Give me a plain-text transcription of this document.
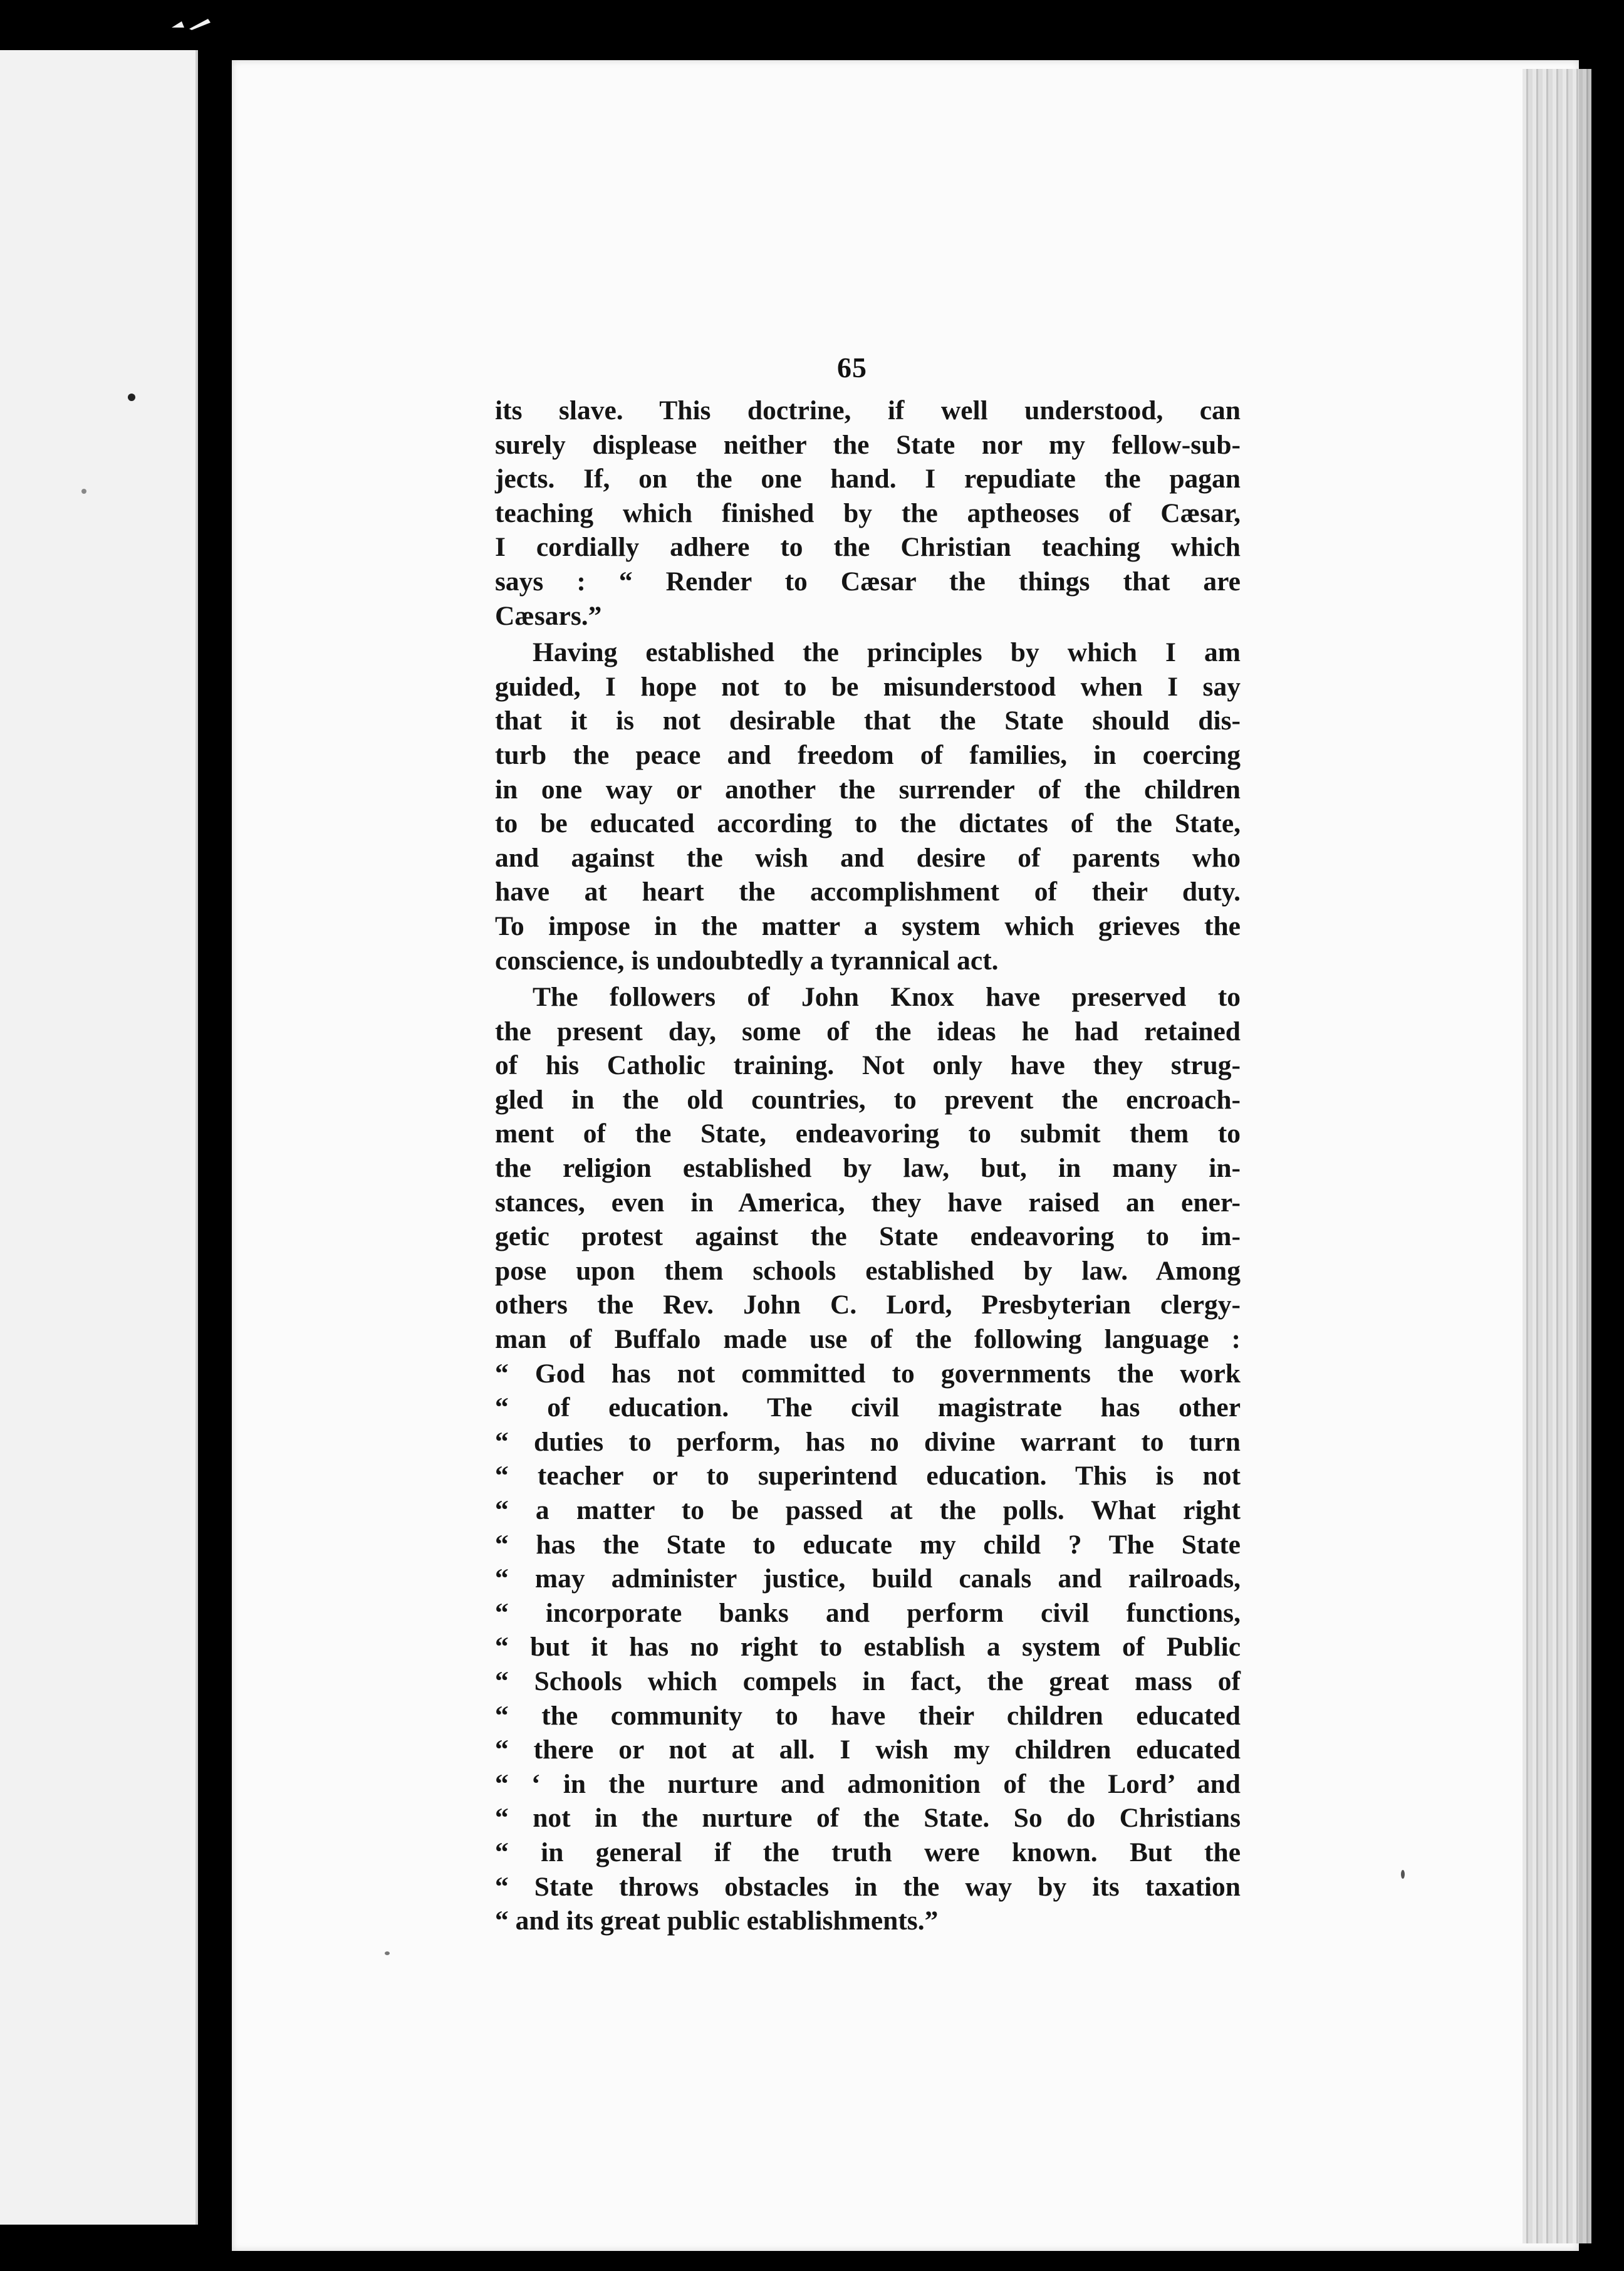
65
its slave. This doctrine, if well understood, can
surely displease neither the State nor my fellow-sub-
jects. If, on the one hand. I repudiate the pagan
teaching which finished by the aptheoses of Cæsar,
I cordially adhere to the Christian teaching which
says : “ Render to Cæsar the things that are
Cæsars.”
Having established the principles by which I am
guided, I hope not to be misunderstood when I say
that it is not desirable that the State should dis-
turb the peace and freedom of families, in coercing
in one way or another the surrender of the children
to be educated according to the dictates of the State,
and against the wish and desire of parents who
have at heart the accomplishment of their duty.
To impose in the matter a system which grieves the
conscience, is undoubtedly a tyrannical act.
The followers of John Knox have preserved to
the present day, some of the ideas he had retained
of his Catholic training. Not only have they strug-
gled in the old countries, to prevent the encroach-
ment of the State, endeavoring to submit them to
the religion established by law, but, in many in-
stances, even in America, they have raised an ener-
getic protest against the State endeavoring to im-
pose upon them schools established by law. Among
others the Rev. John C. Lord, Presbyterian clergy-
man of Buffalo made use of the following language :
“ God has not committed to governments the work
“ of education. The civil magistrate has other
“ duties to perform, has no divine warrant to turn
“ teacher or to superintend education. This is not
“ a matter to be passed at the polls. What right
“ has the State to educate my child ? The State
“ may administer justice, build canals and railroads,
“ incorporate banks and perform civil functions,
“ but it has no right to establish a system of Public
“ Schools which compels in fact, the great mass of
“ the community to have their children educated
“ there or not at all. I wish my children educated
“ ‘ in the nurture and admonition of the Lord’ and
“ not in the nurture of the State. So do Christians
“ in general if the truth were known. But the
“ State throws obstacles in the way by its taxation
“ and its great public establishments.”
